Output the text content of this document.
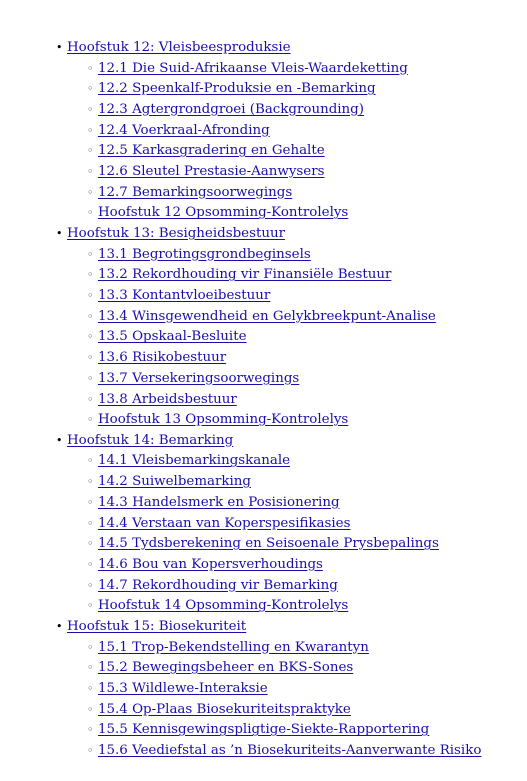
• Hoofstuk 12: Vleisbeesproduksie
◦ 12.1 Die Suid-Afrikaanse Vleis-Waardeketting
◦ 12.2 Speenkalf-Produksie en -Bemarking
◦ 12.3 Agtergrondgroei (Backgrounding)
◦ 12.4 Voerkraal-Afronding
◦ 12.5 Karkasgradering en Gehalte
◦ 12.6 Sleutel Prestasie-Aanwysers
◦ 12.7 Bemarkingsoorwegings
◦ Hoofstuk 12 Opsomming-Kontrolelys
• Hoofstuk 13: Besigheidsbestuur
◦ 13.1 Begrotingsgrondbeginsels
◦ 13.2 Rekordhouding vir Finansiële Bestuur
◦ 13.3 Kontantvloeibestuur
◦ 13.4 Winsgewendheid en Gelykbreekpunt-Analise
◦ 13.5 Opskaal-Besluite
◦ 13.6 Risikobestuur
◦ 13.7 Versekeringsoorwegings
◦ 13.8 Arbeidsbestuur
◦ Hoofstuk 13 Opsomming-Kontrolelys
• Hoofstuk 14: Bemarking
◦ 14.1 Vleisbemarkingskanale
◦ 14.2 Suiwelbemarking
◦ 14.3 Handelsmerk en Posisionering
◦ 14.4 Verstaan van Koperspesifikasies
◦ 14.5 Tydsberekening en Seisoenale Prysbepalings
◦ 14.6 Bou van Kopersverhoudings
◦ 14.7 Rekordhouding vir Bemarking
◦ Hoofstuk 14 Opsomming-Kontrolelys
• Hoofstuk 15: Biosekuriteit
◦ 15.1 Trop-Bekendstelling en Kwarantyn
◦ 15.2 Bewegingsbeheer en BKS-Sones
◦ 15.3 Wildlewe-Interaksie
◦ 15.4 Op-Plaas Biosekuriteitspraktyke
◦ 15.5 Kennisgewingspligtige-Siekte-Rapportering
◦ 15.6 Veediefstal as ’n Biosekuriteits-Aanverwante Risiko
